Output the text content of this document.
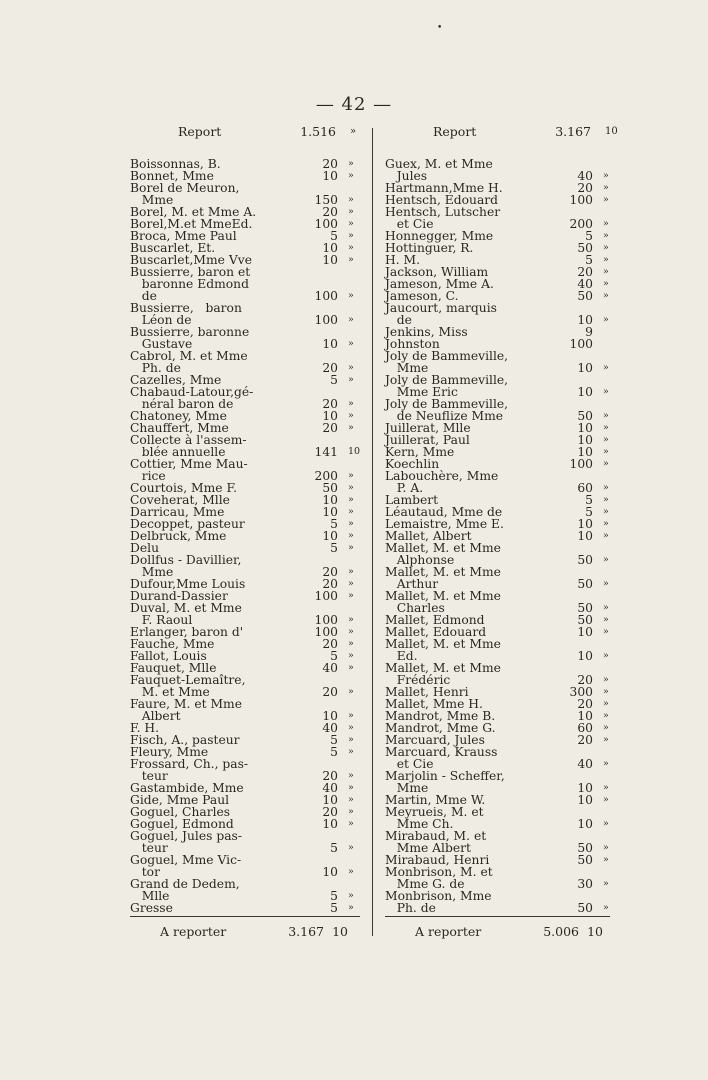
•
— 42 —
Report	1.516	»
Boissonnas, B.	20	»
Bonnet, Mme	10	»
Borel de Meuron,
Mme	150	»
Borel, M. et Mme A.	20	»
Borel,M.et MmeEd.	100	»
Broca, Mme Paul	5	»
Buscarlet, Et.	10	»
Buscarlet,Mme Vve	10	»
Bussierre, baron et
baronne Edmond
de	100	»
Bussierre,   baron
Léon de	100	»
Bussierre, baronne
Gustave	10	»
Cabrol, M. et Mme
Ph. de	20	»
Cazelles, Mme	5	»
Chabaud-Latour,gé-
néral baron de	20	»
Chatoney, Mme	10	»
Chauffert, Mme	20	»
Collecte à l'assem-
blée annuelle	141	10
Cottier, Mme Mau-
rice	200	»
Courtois, Mme F.	50	»
Coveherat, Mlle	10	»
Darricau, Mme	10	»
Decoppet, pasteur	5	»
Delbruck, Mme	10	»
Delu	5	»
Dollfus - Davillier,
Mme	20	»
Dufour,Mme Louis	20	»
Durand-Dassier	100	»
Duval, M. et Mme
F. Raoul	100	»
Erlanger, baron d'	100	»
Fauche, Mme	20	»
Fallot, Louis	5	»
Fauquet, Mlle	40	»
Fauquet-Lemaître,
M. et Mme	20	»
Faure, M. et Mme
Albert	10	»
F. H.	40	»
Fisch, A., pasteur	5	»
Fleury, Mme	5	»
Frossard, Ch., pas-
teur	20	»
Gastambide, Mme	40	»
Gide, Mme Paul	10	»
Goguel, Charles	20	»
Goguel, Edmond	10	»
Goguel, Jules pas-
teur	5	»
Goguel, Mme Vic-
tor	10	»
Grand de Dedem,
Mlle	5	»
Gresse	5	»
Report	3.167	10
Guex, M. et Mme
Jules	40	»
Hartmann,Mme H.	20	»
Hentsch, Edouard	100	»
Hentsch, Lutscher
et Cie	200	»
Honnegger, Mme	5	»
Hottinguer, R.	50	»
H. M.	5	»
Jackson, William	20	»
Jameson, Mme A.	40	»
Jameson, C.	50	»
Jaucourt, marquis
de	10	»
Jenkins, Miss	9
Johnston	100
Joly de Bammeville,
Mme	10	»
Joly de Bammeville,
Mme Eric	10	»
Joly de Bammeville,
de Neuflize Mme	50	»
Juillerat, Mlle	10	»
Juillerat, Paul	10	»
Kern, Mme	10	»
Koechlin	100	»
Labouchère, Mme
P. A.	60	»
Lambert	5	»
Léautaud, Mme de	5	»
Lemaistre, Mme E.	10	»
Mallet, Albert	10	»
Mallet, M. et Mme
Alphonse	50	»
Mallet, M. et Mme
Arthur	50	»
Mallet, M. et Mme
Charles	50	»
Mallet, Edmond	50	»
Mallet, Edouard	10	»
Mallet, M. et Mme
Ed.	10	»
Mallet, M. et Mme
Frédéric	20	»
Mallet, Henri	300	»
Mallet, Mme H.	20	»
Mandrot, Mme B.	10	»
Mandrot, Mme G.	60	»
Marcuard, Jules	20	»
Marcuard, Krauss
et Cie	40	»
Marjolin - Scheffer,
Mme	10	»
Martin, Mme W.	10	»
Meyrueis, M. et
Mme Ch.	10	»
Mirabaud, M. et
Mme Albert	50	»
Mirabaud, Henri	50	»
Monbrison, M. et
Mme G. de	30	»
Monbrison, Mme
Ph. de	50	»
A reporter	3.167 10	A reporter	5.006 10
